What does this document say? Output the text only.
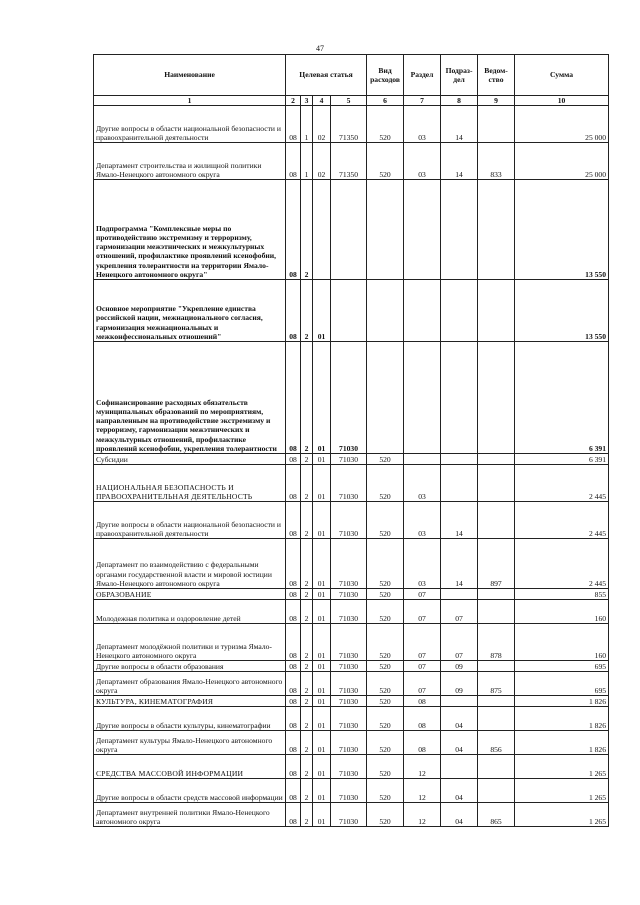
47
Наименование	Целевая статья				Вид расходов	Раздел	Подраз-дел	Ведом-ство	Сумма
1	2	3	4	5	6	7	8	9	10
Другие вопросы в области национальной безопасности и правоохранительной деятельности	08	1	02	71350	520	03	14		25 000
Департамент строительства и жилищной политики Ямало-Ненецкого автономного округа	08	1	02	71350	520	03	14	833	25 000
Подпрограмма "Комплексные меры по противодействию экстремизму и терроризму, гармонизации межэтнических и межкультурных отношений, профилактике проявлений ксенофобии, укрепления толерантности на территории Ямало-Ненецкого автономного округа"	08	2							13 550
Основное мероприятие "Укрепление единства российской нации, межнационального согласия, гармонизация межнациональных и межконфессиональных отношений"	08	2	01						13 550
Софинансирование расходных обязательств муниципальных образований по мероприятиям, направленным на противодействие экстремизму и терроризму, гармонизации межэтнических и межкультурных отношений, профилактике проявлений ксенофобии, укрепления толерантности	08	2	01	71030					6 391
Субсидии	08	2	01	71030	520				6 391
НАЦИОНАЛЬНАЯ БЕЗОПАСНОСТЬ И ПРАВООХРАНИТЕЛЬНАЯ ДЕЯТЕЛЬНОСТЬ	08	2	01	71030	520	03			2 445
Другие вопросы в области национальной безопасности и правоохранительной деятельности	08	2	01	71030	520	03	14		2 445
Департамент по взаимодействию с федеральными органами государственной власти и мировой юстиции Ямало-Ненецкого автономного округа	08	2	01	71030	520	03	14	897	2 445
ОБРАЗОВАНИЕ	08	2	01	71030	520	07			855
Молодежная политика и оздоровление детей	08	2	01	71030	520	07	07		160
Департамент молодёжной политики и туризма Ямало-Ненецкого автономного округа	08	2	01	71030	520	07	07	878	160
Другие вопросы в области образования	08	2	01	71030	520	07	09		695
Департамент образования Ямало-Ненецкого автономного округа	08	2	01	71030	520	07	09	875	695
КУЛЬТУРА, КИНЕМАТОГРАФИЯ	08	2	01	71030	520	08			1 826
Другие вопросы в области культуры, кинематографии	08	2	01	71030	520	08	04		1 826
Департамент культуры Ямало-Ненецкого автономного округа	08	2	01	71030	520	08	04	856	1 826
СРЕДСТВА МАССОВОЙ ИНФОРМАЦИИ	08	2	01	71030	520	12			1 265
Другие вопросы в области средств массовой информации	08	2	01	71030	520	12	04		1 265
Департамент внутренней политики Ямало-Ненецкого автономного округа	08	2	01	71030	520	12	04	865	1 265
